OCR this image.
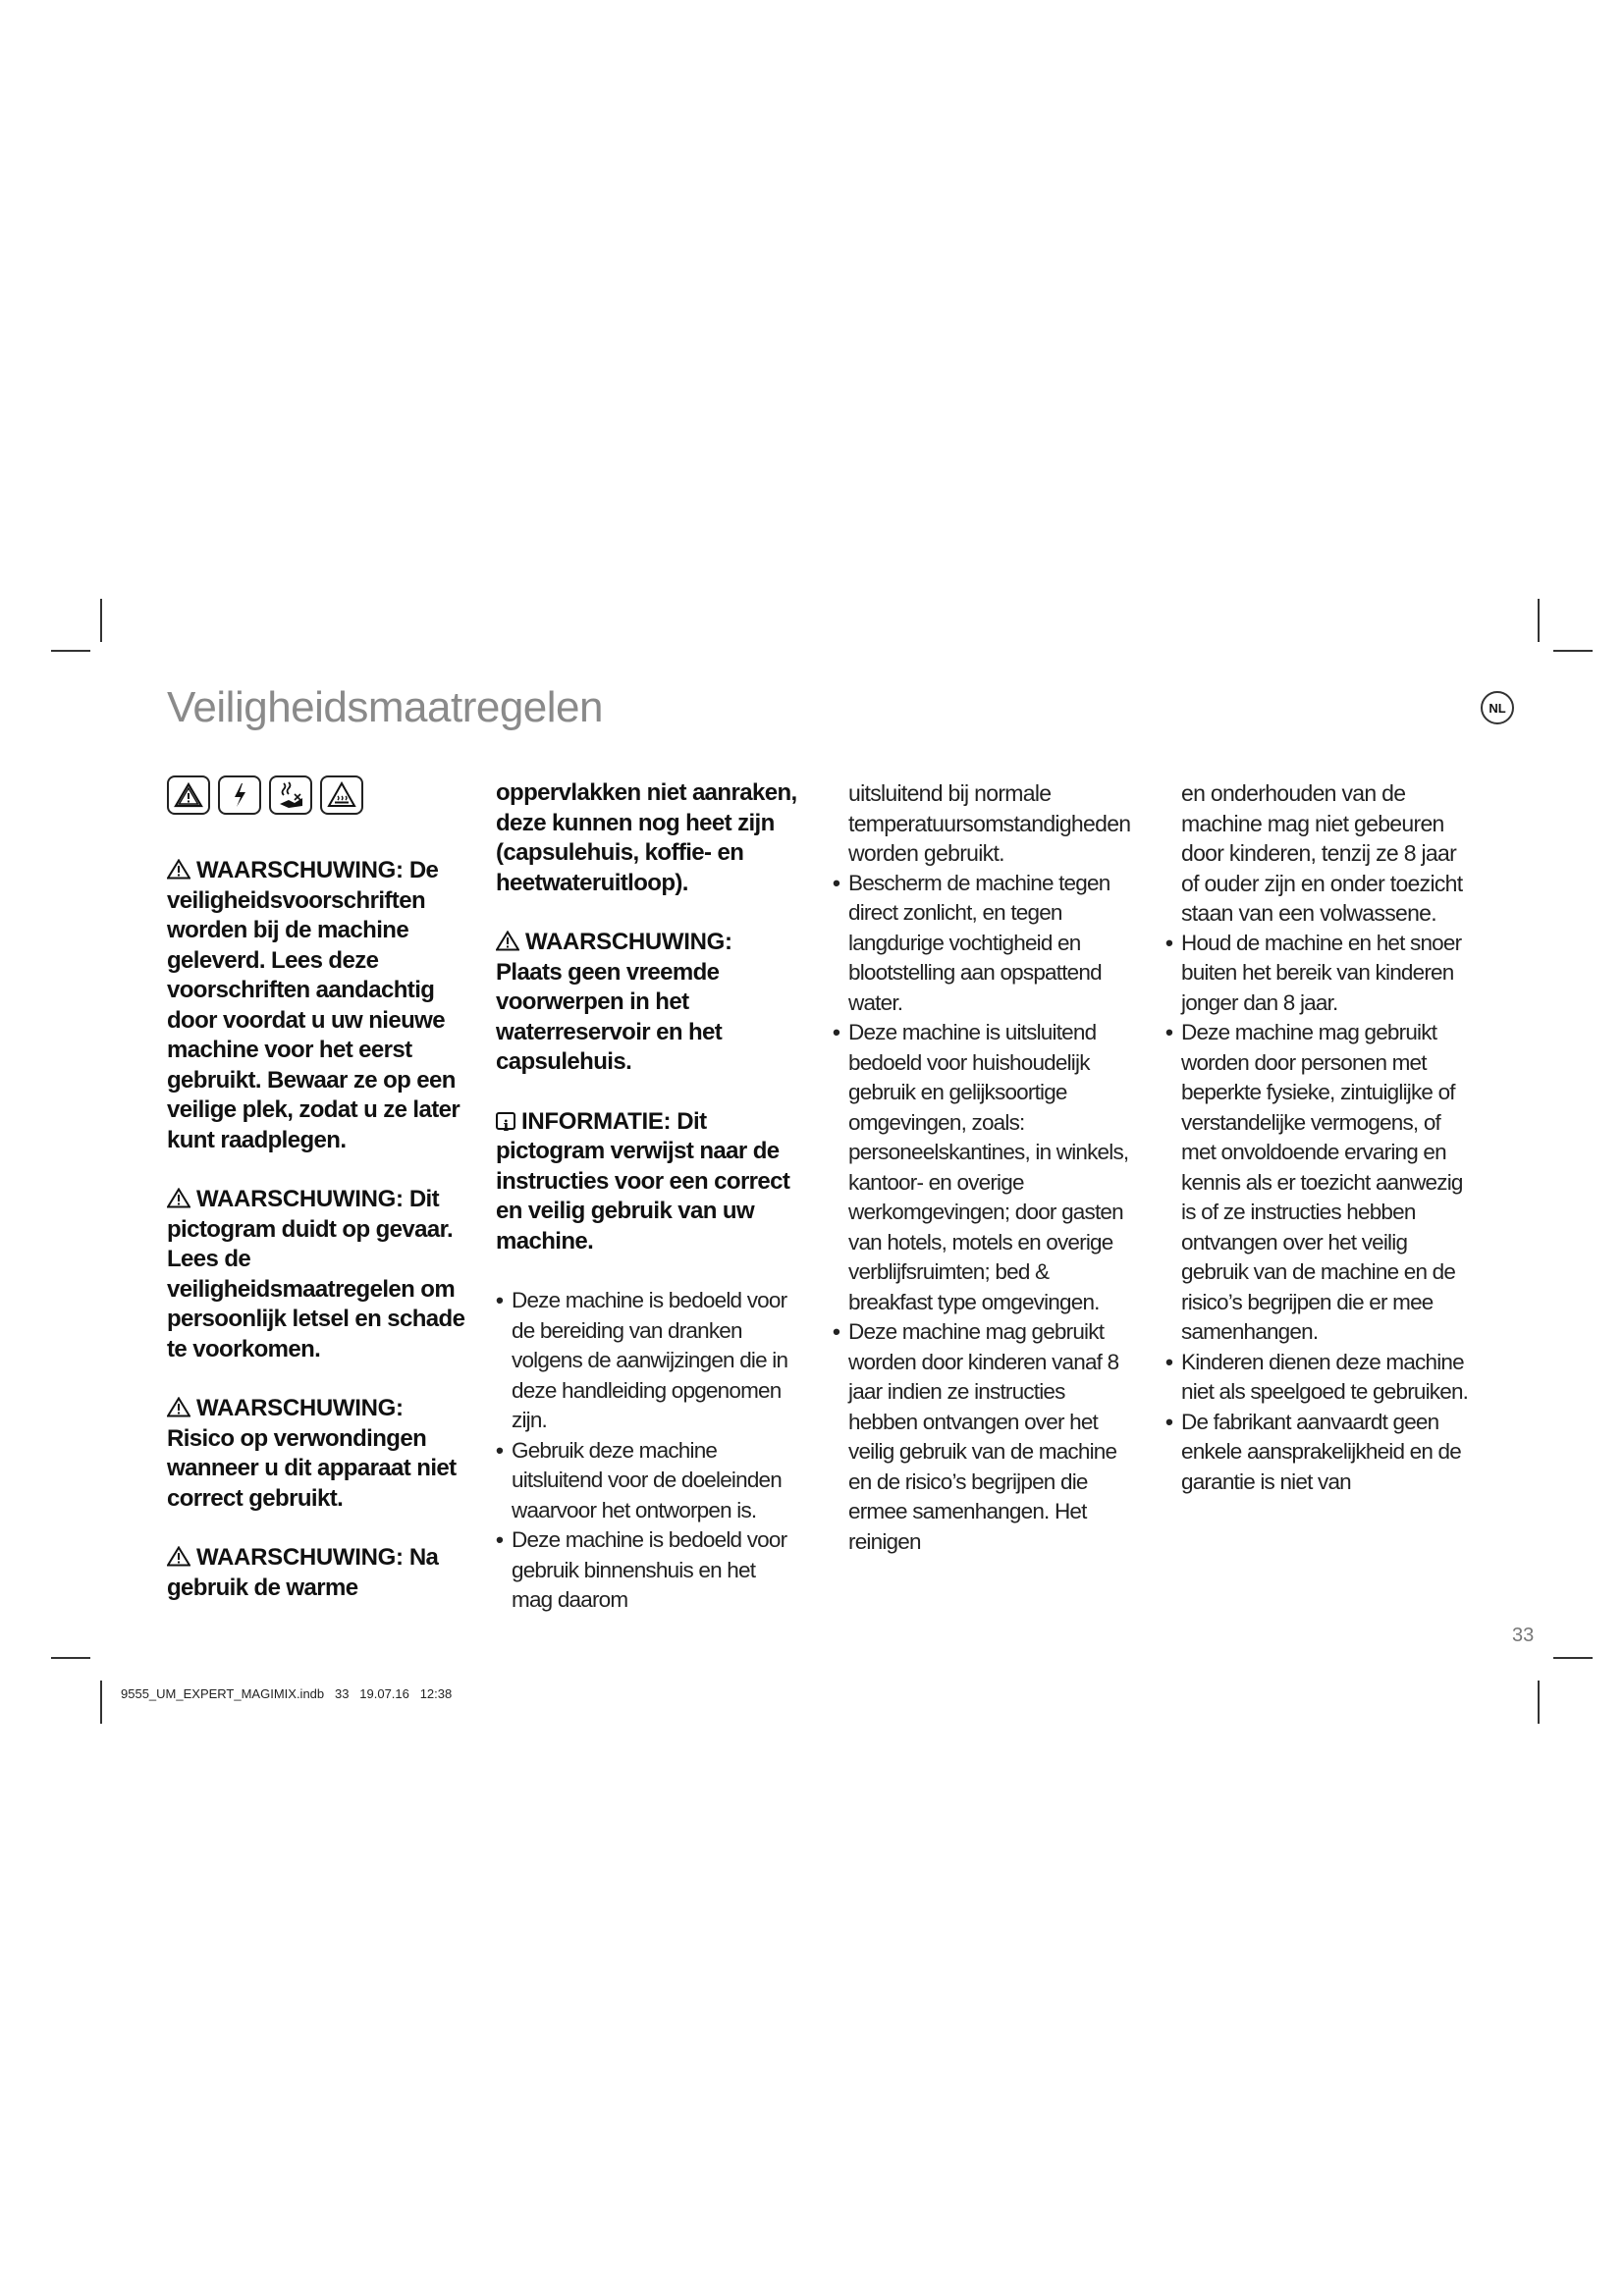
Veiligheidsmaatregelen	NL
WAARSCHUWING: De veiligheidsvoorschriften worden bij de machine geleverd. Lees deze voorschriften aandachtig door voordat u uw nieuwe machine voor het eerst gebruikt. Bewaar ze op een veilige plek, zodat u ze later kunt raadplegen.
WAARSCHUWING: Dit pictogram duidt op gevaar. Lees de veiligheidsmaatregelen om persoonlijk letsel en schade te voorkomen.
WAARSCHUWING: Risico op verwondingen wanneer u dit apparaat niet correct gebruikt.
WAARSCHUWING: Na gebruik de warme
oppervlakken niet aanraken, deze kunnen nog heet zijn (capsulehuis, koffie- en heetwateruitloop).
WAARSCHUWING: Plaats geen vreemde voorwerpen in het waterreservoir en het capsulehuis.
iINFORMATIE: Dit pictogram verwijst naar de instructies voor een correct en veilig gebruik van uw machine.
• Deze machine is bedoeld voor de bereiding van dranken volgens de aanwijzingen die in deze handleiding opgenomen zijn.
• Gebruik deze machine uitsluitend voor de doeleinden waarvoor het ontworpen is.
• Deze machine is bedoeld voor gebruik binnenshuis en het mag daarom
uitsluitend bij normale temperatuursomstandigheden worden gebruikt.
• Bescherm de machine tegen direct zonlicht, en tegen langdurige vochtigheid en blootstelling aan opspattend water.
• Deze machine is uitsluitend bedoeld voor huishoudelijk gebruik en gelijksoortige omgevingen, zoals: personeelskantines, in winkels, kantoor- en overige werkomgevingen; door gasten van hotels, motels en overige verblijfsruimten; bed & breakfast type omgevingen.
• Deze machine mag gebruikt worden door kinderen vanaf 8 jaar indien ze instructies hebben ontvangen over het veilig gebruik van de machine en de risico’s begrijpen die ermee samenhangen. Het reinigen
en onderhouden van de machine mag niet gebeuren door kinderen, tenzij ze 8 jaar of ouder zijn en onder toezicht staan van een volwassene.
• Houd de machine en het snoer buiten het bereik van kinderen jonger dan 8 jaar.
• Deze machine mag gebruikt worden door personen met beperkte fysieke, zintuiglijke of verstandelijke vermogens, of met onvoldoende ervaring en kennis als er toezicht aanwezig is of ze instructies hebben ontvangen over het veilig gebruik van de machine en de risico’s begrijpen die er mee samenhangen.
• Kinderen dienen deze machine niet als speelgoed te gebruiken.
• De fabrikant aanvaardt geen enkele aansprakelijkheid en de garantie is niet van
33
9555_UM_EXPERT_MAGIMIX.indb   33   19.07.16   12:38
